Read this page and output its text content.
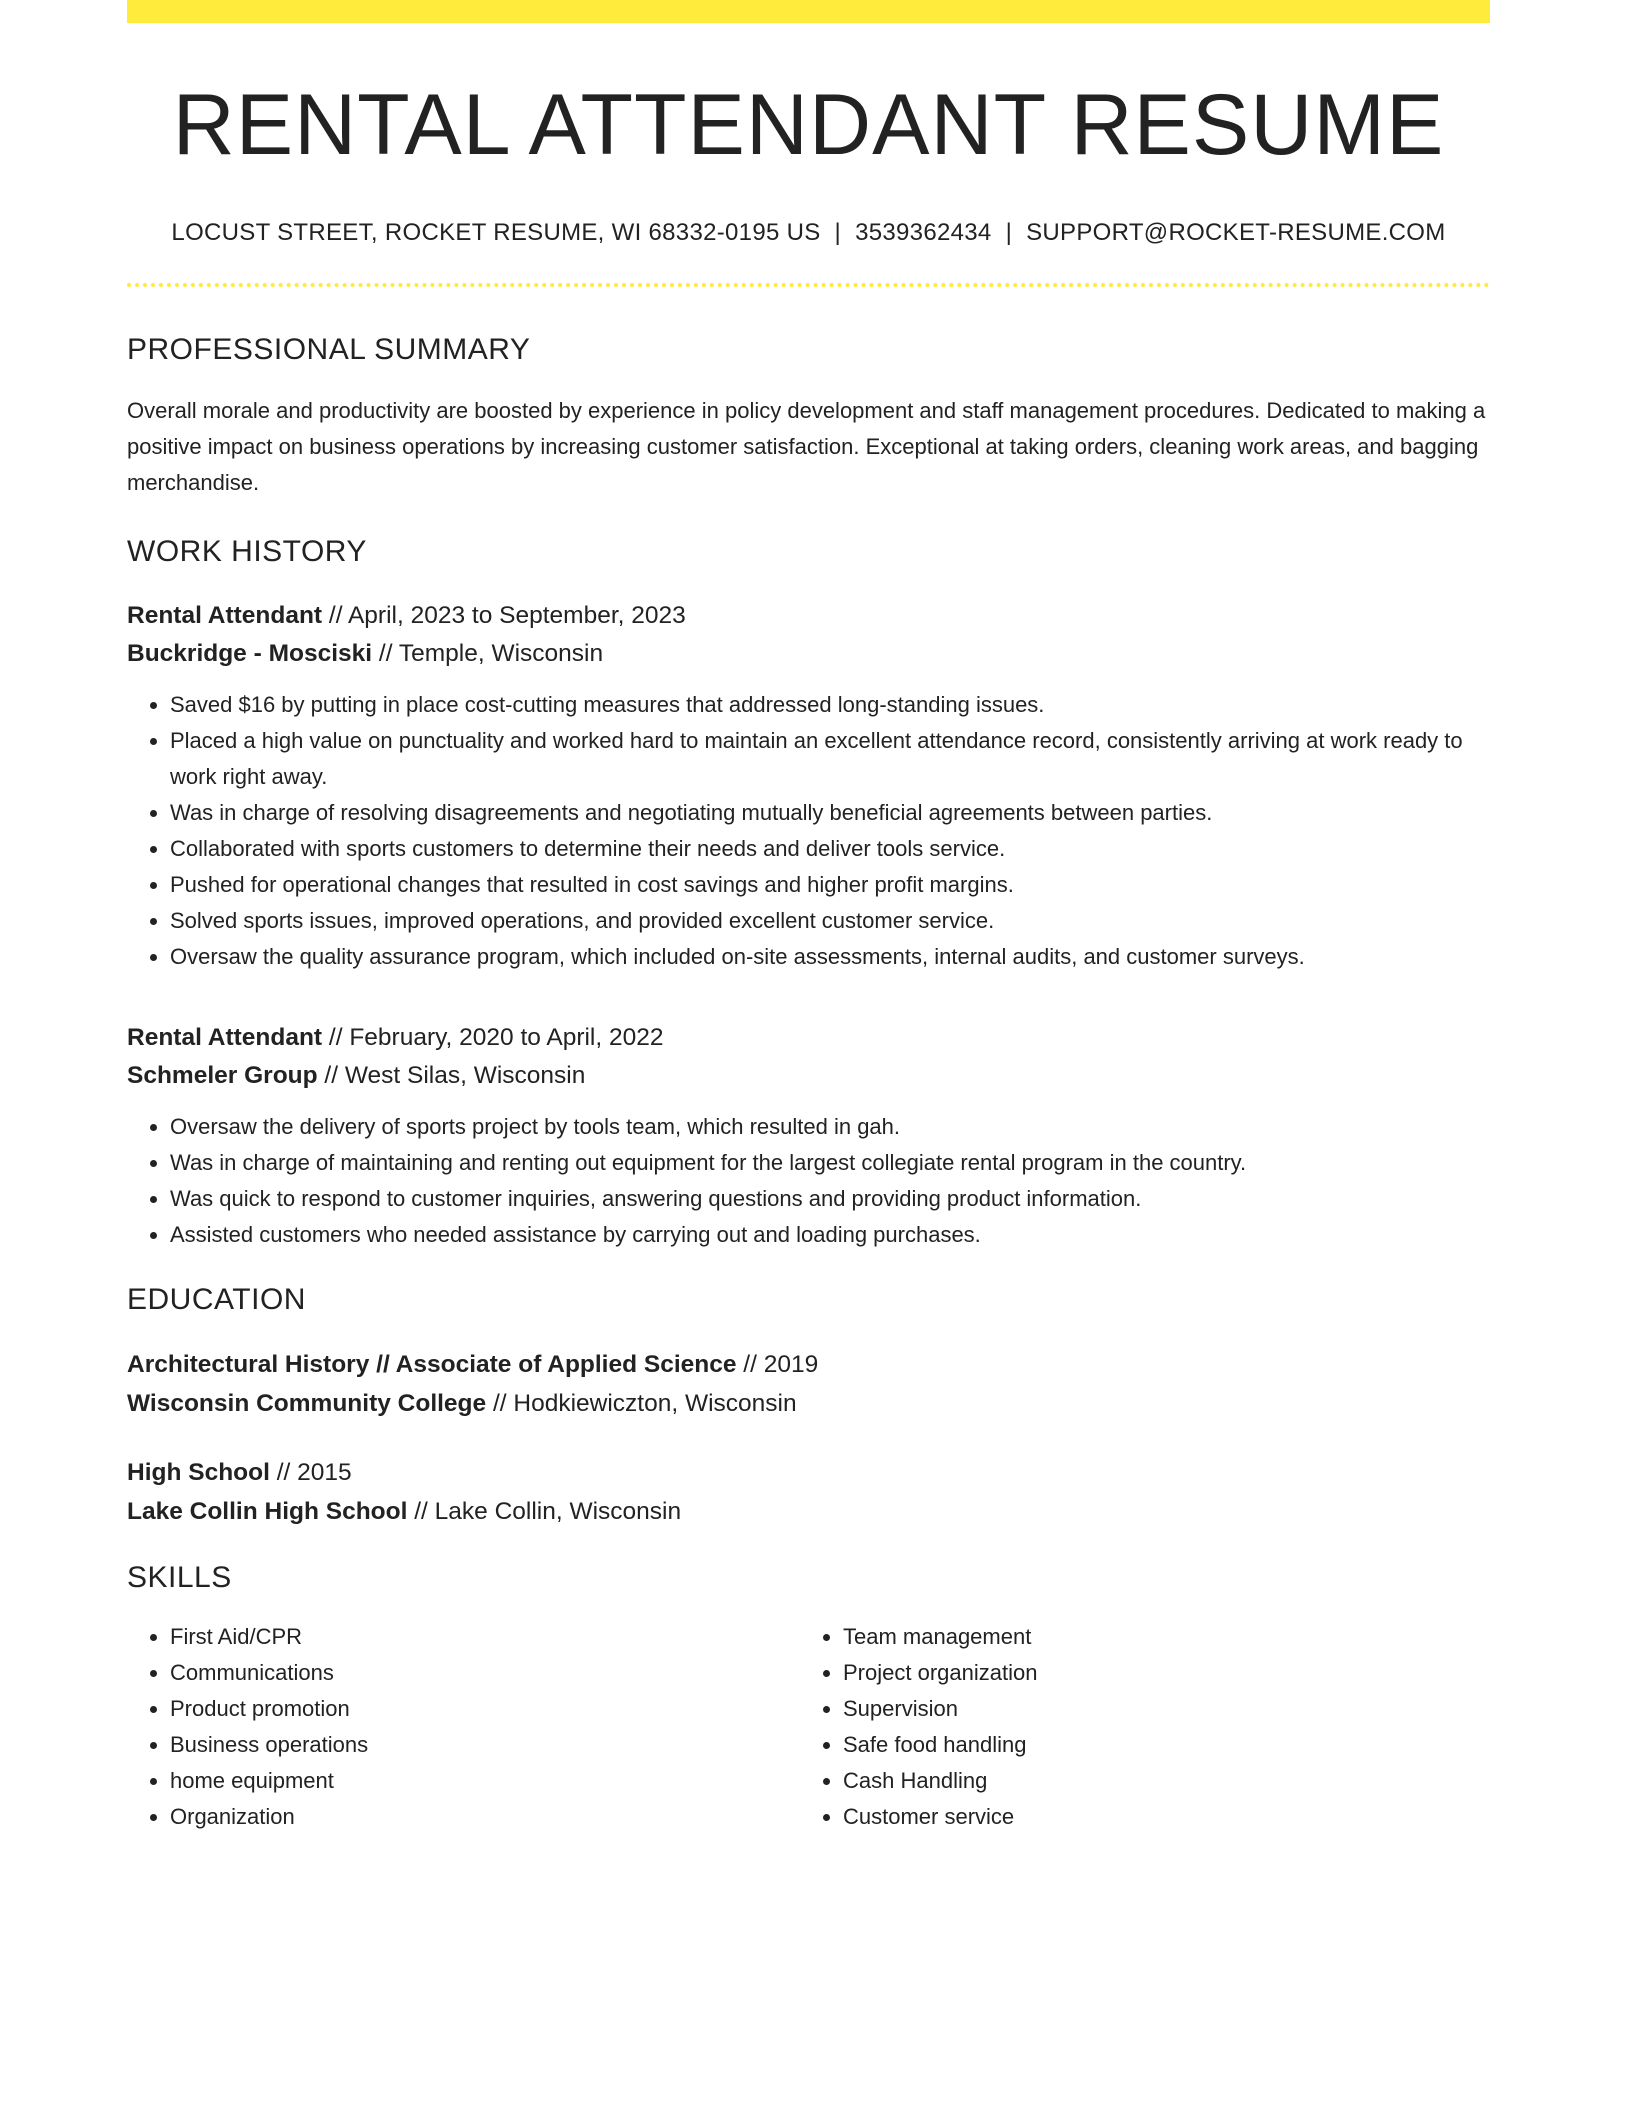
RENTAL ATTENDANT RESUME
LOCUST STREET, ROCKET RESUME, WI 68332-0195 US | 3539362434 | SUPPORT@ROCKET-RESUME.COM
PROFESSIONAL SUMMARY
Overall morale and productivity are boosted by experience in policy development and staff management procedures. Dedicated to making a positive impact on business operations by increasing customer satisfaction. Exceptional at taking orders, cleaning work areas, and bagging merchandise.
WORK HISTORY
Rental Attendant // April, 2023 to September, 2023
Buckridge - Mosciski // Temple, Wisconsin
• Saved $16 by putting in place cost-cutting measures that addressed long-standing issues.
• Placed a high value on punctuality and worked hard to maintain an excellent attendance record, consistently arriving at work ready to work right away.
• Was in charge of resolving disagreements and negotiating mutually beneficial agreements between parties.
• Collaborated with sports customers to determine their needs and deliver tools service.
• Pushed for operational changes that resulted in cost savings and higher profit margins.
• Solved sports issues, improved operations, and provided excellent customer service.
• Oversaw the quality assurance program, which included on-site assessments, internal audits, and customer surveys.
Rental Attendant // February, 2020 to April, 2022
Schmeler Group // West Silas, Wisconsin
• Oversaw the delivery of sports project by tools team, which resulted in gah.
• Was in charge of maintaining and renting out equipment for the largest collegiate rental program in the country.
• Was quick to respond to customer inquiries, answering questions and providing product information.
• Assisted customers who needed assistance by carrying out and loading purchases.
EDUCATION
Architectural History // Associate of Applied Science // 2019
Wisconsin Community College // Hodkiewiczton, Wisconsin
High School // 2015
Lake Collin High School // Lake Collin, Wisconsin
SKILLS
• First Aid/CPR
• Communications
• Product promotion
• Business operations
• home equipment
• Organization
• Team management
• Project organization
• Supervision
• Safe food handling
• Cash Handling
• Customer service
